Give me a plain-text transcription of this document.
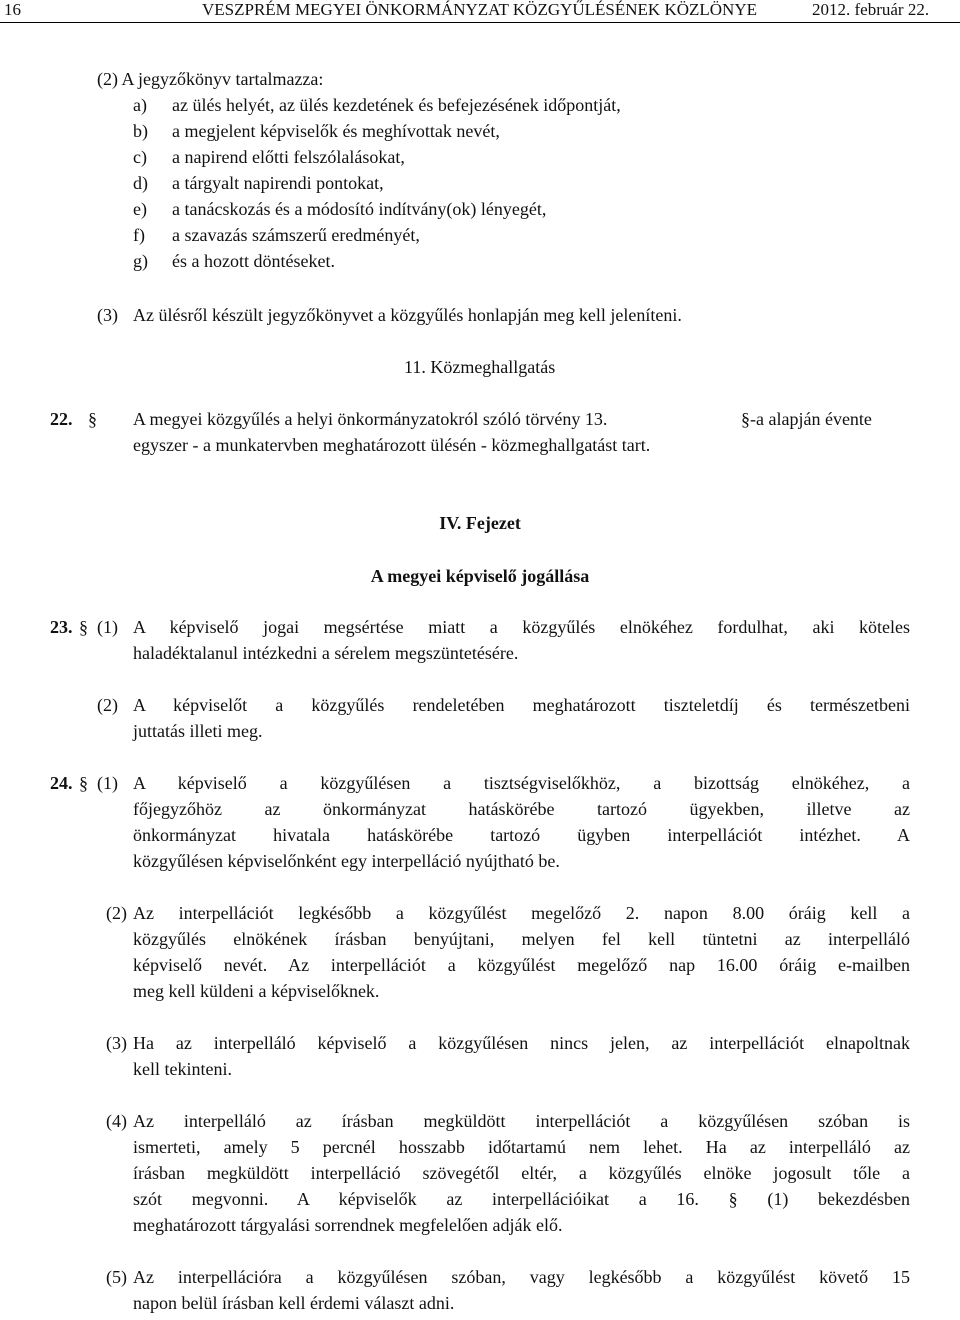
16	VESZPRÉM MEGYEI ÖNKORMÁNYZAT KÖZGYŰLÉSÉNEK KÖZLÖNYE	2012. február 22.
(2) A jegyzőkönyv tartalmazza:
a) az ülés helyét, az ülés kezdetének és befejezésének időpontját,
b) a megjelent képviselők és meghívottak nevét,
c) a napirend előtti felszólalásokat,
d) a tárgyalt napirendi pontokat,
e) a tanácskozás és a módosító indítvány(ok) lényegét,
f) a szavazás számszerű eredményét,
g) és a hozott döntéseket.
(3) Az ülésről készült jegyzőkönyvet a közgyűlés honlapján meg kell jeleníteni.
11. Közmeghallgatás
22. § A megyei közgyűlés a helyi önkormányzatokról szóló törvény 13.	§-a alapján évente
egyszer - a munkatervben meghatározott ülésén - közmeghallgatást tart.
IV. Fejezet
A megyei képviselő jogállása
23. § (1) A képviselő jogai megsértése miatt a közgyűlés elnökéhez fordulhat, aki köteles
haladéktalanul intézkedni a sérelem megszüntetésére.
(2) A képviselőt a közgyűlés rendeletében meghatározott tiszteletdíj és természetbeni
juttatás illeti meg.
24. § (1) A képviselő a közgyűlésen a tisztségviselőkhöz, a bizottság elnökéhez, a
főjegyzőhöz az önkormányzat hatáskörébe tartozó ügyekben, illetve az
önkormányzat hivatala hatáskörébe tartozó ügyben interpellációt intézhet. A
közgyűlésen képviselőnként egy interpelláció nyújtható be.
(2) Az interpellációt legkésőbb a közgyűlést megelőző 2. napon 8.00 óráig kell a
közgyűlés elnökének írásban benyújtani, melyen fel kell tüntetni az interpelláló
képviselő nevét. Az interpellációt a közgyűlést megelőző nap 16.00 óráig e-mailben
meg kell küldeni a képviselőknek.
(3) Ha az interpelláló képviselő a közgyűlésen nincs jelen, az interpellációt elnapoltnak
kell tekinteni.
(4) Az interpelláló az írásban megküldött interpellációt a közgyűlésen szóban is
ismerteti, amely 5 percnél hosszabb időtartamú nem lehet. Ha az interpelláló az
írásban megküldött interpelláció szövegétől eltér, a közgyűlés elnöke jogosult tőle a
szót megvonni. A képviselők az interpellációikat a 16. § (1) bekezdésben
meghatározott tárgyalási sorrendnek megfelelően adják elő.
(5) Az interpellációra a közgyűlésen szóban, vagy legkésőbb a közgyűlést követő 15
napon belül írásban kell érdemi választ adni.
